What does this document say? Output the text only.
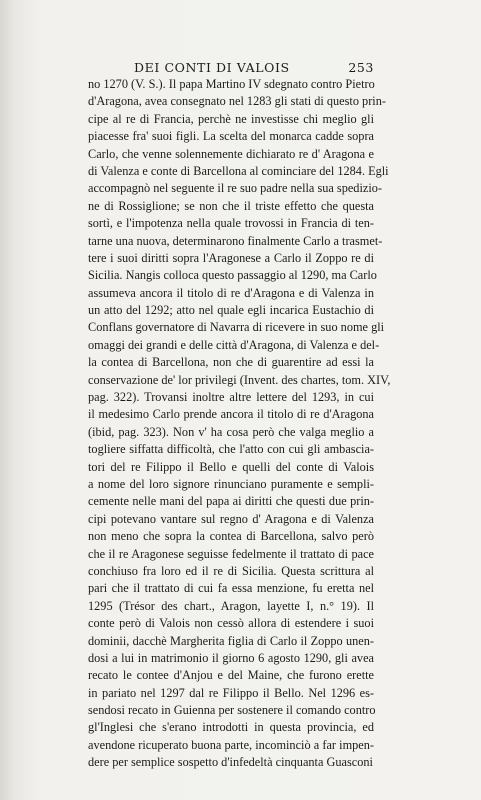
DEI CONTI DI VALOIS	253
no 1270 (V. S.). Il papa Martino IV sdegnato contro Pietro
d'Aragona, avea consegnato nel 1283 gli stati di questo prin-
cipe al re di Francia, perchè ne investisse chi meglio gli
piacesse fra' suoi figli. La scelta del monarca cadde sopra
Carlo, che venne solennemente dichiarato re d' Aragona e
di Valenza e conte di Barcellona al cominciare del 1284. Egli
accompagnò nel seguente il re suo padre nella sua spedizio-
ne di Rossiglione; se non che il triste effetto che questa
sortì, e l'impotenza nella quale trovossi in Francia di ten-
tarne una nuova, determinarono finalmente Carlo a trasmet-
tere i suoi diritti sopra l'Aragonese a Carlo il Zoppo re di
Sicilia. Nangis colloca questo passaggio al 1290, ma Carlo
assumeva ancora il titolo di re d'Aragona e di Valenza in
un atto del 1292; atto nel quale egli incarica Eustachio di
Conflans governatore di Navarra di ricevere in suo nome gli
omaggi dei grandi e delle città d'Aragona, di Valenza e del-
la contea di Barcellona, non che di guarentire ad essi la
conservazione de' lor privilegi (Invent. des chartes, tom. XIV,
pag. 322). Trovansi inoltre altre lettere del 1293, in cui
il medesimo Carlo prende ancora il titolo di re d'Aragona
(ibid, pag. 323). Non v' ha cosa però che valga meglio a
togliere siffatta difficoltà, che l'atto con cui gli ambascia-
tori del re Filippo il Bello e quelli del conte di Valois
a nome del loro signore rinunciano puramente e sempli-
cemente nelle mani del papa ai diritti che questi due prin-
cipi potevano vantare sul regno d' Aragona e di Valenza
non meno che sopra la contea di Barcellona, salvo però
che il re Aragonese seguisse fedelmente il trattato di pace
conchiuso fra loro ed il re di Sicilia. Questa scrittura al
pari che il trattato di cui fa essa menzione, fu eretta nel
1295 (Trésor des chart., Aragon, layette I, n.° 19). Il
conte però di Valois non cessò allora di estendere i suoi
dominii, dacchè Margherita figlia di Carlo il Zoppo unen-
dosi a lui in matrimonio il giorno 6 agosto 1290, gli avea
recato le contee d'Anjou e del Maine, che furono erette
in pariato nel 1297 dal re Filippo il Bello. Nel 1296 es-
sendosi recato in Guienna per sostenere il comando contro
gl'Inglesi che s'erano introdotti in questa provincia, ed
avendone ricuperato buona parte, incominciò a far impen-
dere per semplice sospetto d'infedeltà cinquanta Guasconi
